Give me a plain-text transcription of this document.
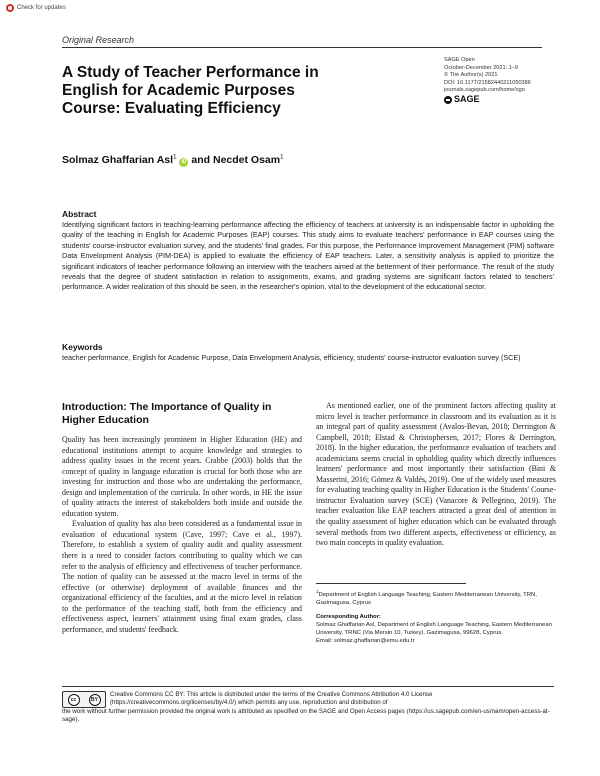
Check for updates
Original Research
A Study of Teacher Performance in English for Academic Purposes Course: Evaluating Efficiency
SAGE Open
October-December 2021: 1–9
© The Author(s) 2021
DOI: 10.1177/21582440211050386
journals.sagepub.com/home/sgo
SAGE
Solmaz Ghaffarian Asl$^1$
iD and Necdet Osam$^1$
Abstract

Identifying significant factors in teaching-learning performance affecting the efficiency of teachers at university is an indispensable factor in upholding the quality of the teaching in English for Academic Purposes (EAP) courses. This study aims to evaluate teachers' performance in EAP courses using the students' course-instructor evaluation survey, and the students' final grades. For this purpose, the Performance Improvement Management (PIM) software Data Envelopment Analysis (PIM-DEA) is applied to evaluate the efficiency of EAP teachers. Later, a sensitivity analysis is applied to prioritize the significant indicators of teacher performance following an interview with the teachers aimed at the betterment of their performance. The result of the study reveals that the degree of student satisfaction in relation to assignments, exams, and grading systems are significant factors related to teachers' performance. A wider realization of this should be seen, in the researcher's opinion, vital to the development of the educational sector.

Keywords

teacher performance, English for Academic Purpose, Data Envelopment Analysis, efficiency, students' course-instructor evaluation survey (SCE)

Introduction: The Importance of Quality in Higher Education

Quality has been increasingly prominent in Higher Education (HE) and educational institutions attempt to acquire knowledge and strategies to address quality issues in the recent years. Crabbe (2003) holds that the concept of quality in language education is crucial for both those who are investing for instruction and those who are undertaking the performance, design and implementation of the curricula. In other words, in HE the issue of quality attracts the interest of stakeholders both inside and outside the education system.

Evaluation of quality has also been considered as a fundamental issue in evaluation of educational system (Cave, 1997; Cave et al., 1997). Therefore, to establish a system of quality audit and quality assessment there is a need to consider factors contributing to quality which we can refer to the analysis of efficiency and effectiveness of teacher performance. The notion of quality can be assessed at the macro level in terms of the effective (or otherwise) deployment of available finances and the organizational efficiency of the faculties, and at the micro level in relation to the performance of the teaching staff, both from the efficiency and effectiveness aspect, learners' attainment using final exam grades, class performance, and students' feedback.

As mentioned earlier, one of the prominent factors affecting quality at micro level is teacher performance in classroom and its evaluation as it is an integral part of quality assessment (Avalos-Bevan, 2018; Derrington & Campbell, 2018; Elstad & Christophersen, 2017; Flores & Derrington, 2018). In the higher education, the performance evaluation of teachers and academicians seems crucial in upholding quality which directly influences learners' performance and most importantly their satisfaction (Bini & Masserini, 2016; Gómez & Valdés, 2019). One of the widely used measures for evaluating teaching quality in Higher Education is the Students' Course-instructor Evaluation survey (SCE) (Vanacore & Pellegrino, 2019). The teacher evaluation like EAP teachers attracted a great deal of attention in the quality assessment of higher education which can be evaluated through several methods from two different aspects, effectiveness or efficiency, as two main concepts in quality evaluation.

$^1$Department of English Language Teaching, Eastern Mediterranean University, TRN, Gazimagusa, Cyprus
Corresponding Author:
Solmaz Ghaffarian Asl, Department of English Language Teaching, Eastern Mediterranean University, TRNC (Via Mersin 10, Turkey), Gazimagusa, 99628, Cyprus.
Email: solmaz.ghaffarian@emu.edu.tr
cc	BY

Creative Commons CC BY: This article is distributed under the terms of the Creative Commons Attribution 4.0 License (https://creativecommons.org/licenses/by/4.0/) which permits any use, reproduction and distribution of

the work without further permission provided the original work is attributed as specified on the SAGE and Open Access pages (https://us.sagepub.com/en-us/nam/open-access-at-sage).
